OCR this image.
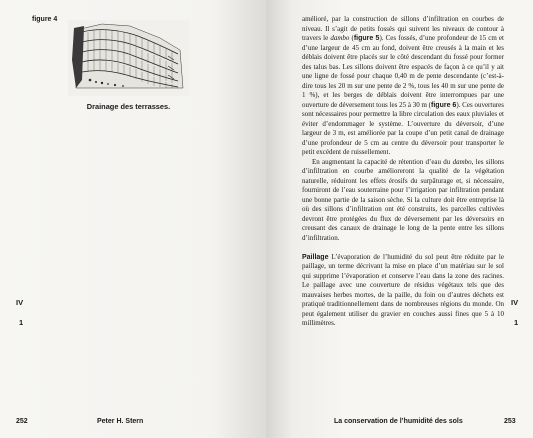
figure 4
Drainage des terrasses.
IV
1
252	Peter H. Stern

amélioré, par la construction de sillons d’infiltration en courbes de niveau. Il s’agit de petits fossés qui suivent les niveaux de contour à travers le dambo (figure 5). Ces fossés, d’une profondeur de 15 cm et d’une largeur de 45 cm au fond, doivent être creusés à la main et les déblais doivent être placés sur le côté descendant du fossé pour former des talus bas. Les sillons doivent être espacés de façon à ce qu’il y ait une ligne de fossé pour chaque 0,40 m de pente descendante (c’est-à-dire tous les 20 m sur une pente de 2 %, tous les 40 m sur une pente de 1 %), et les berges de déblais doivent être interrompues par une ouverture de déversement tous les 25 à 30 m (figure 6). Ces ouvertures sont nécessaires pour permettre la libre circulation des eaux pluviales et éviter d’endommager le système. L’ouverture du déversoir, d’une largeur de 3 m, est améliorée par la coupe d’un petit canal de drainage d’une profondeur de 5 cm au centre du déversoir pour transporter le petit excédent de ruissellement.

En augmentant la capacité de rétention d’eau du dambo, les sillons d’infiltration en courbe amélioreront la qualité de la végétation naturelle, réduiront les effets érosifs du surpâturage et, si nécessaire, fourniront de l’eau souterraine pour l’irrigation par infiltration pendant une bonne partie de la saison sèche. Si la culture doit être entreprise là où des sillons d’infiltration ont été construits, les parcelles cultivées devront être protégées du flux de déversement par les déversoirs en creusant des canaux de drainage le long de la pente entre les sillons d’infiltration.

Paillage L’évaporation de l’humidité du sol peut être réduite par le paillage, un terme décrivant la mise en place d’un matériau sur le sol qui supprime l’évaporation et conserve l’eau dans la zone des racines. Le paillage avec une couverture de résidus végétaux tels que des mauvaises herbes mortes, de la paille, du foin ou d’autres déchets est pratiqué traditionnellement dans de nombreuses régions du monde. On peut également utiliser du gravier en couches aussi fines que 5 à 10 millimètres.

IV
1
La conservation de l’humidité des sols	253
